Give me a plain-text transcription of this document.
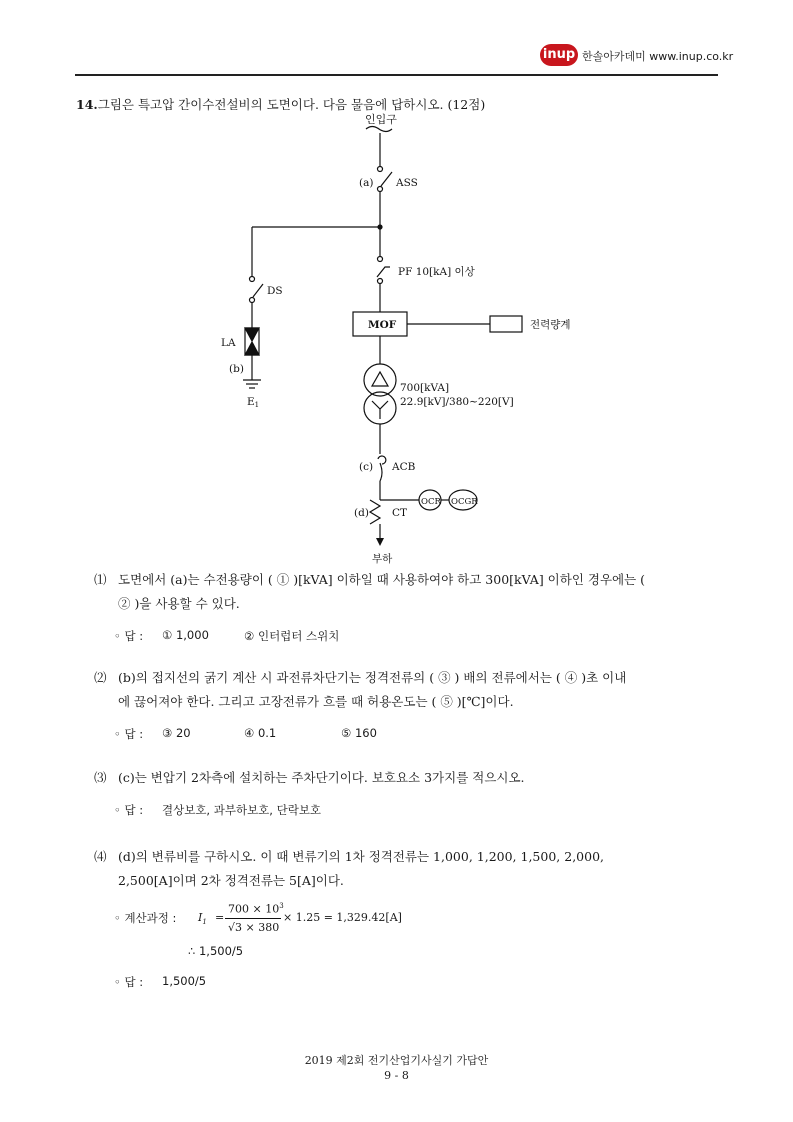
inup 한솔아카데미 www.inup.co.kr
14.그림은 특고압 간이수전설비의 도면이다. 다음 물음에 답하시오. (12점)
인입구
(a) ASS
PF 10[kA] 이상
DS
LA
(b)
E1
MOF	전력량계
700[kVA]
22.9[kV]/380∼220[V]
(c) ACB
OCR OCGR
(d) CT
부하
⑴ 도면에서 (a)는 수전용량이 ( ① )[kVA] 이하일 때 사용하여야 하고 300[kVA] 이하인 경우에는 (
② )을 사용할 수 있다.
◦ 답 : ① 1,000	② 인터럽터 스위치
⑵ (b)의 접지선의 굵기 계산 시 과전류차단기는 정격전류의 ( ③ ) 배의 전류에서는 ( ④ )초 이내
에 끊어져야 한다. 그리고 고장전류가 흐를 때 허용온도는 ( ⑤ )[℃]이다.
◦ 답 : ③ 20	④ 0.1	⑤ 160
⑶ (c)는 변압기 2차측에 설치하는 주차단기이다. 보호요소 3가지를 적으시오.
◦ 답 : 결상보호, 과부하보호, 단락보호
⑷ (d)의 변류비를 구하시오. 이 때 변류기의 1차 정격전류는 1,000, 1,200, 1,500, 2,000,
2,500[A]이며 2차 정격전류는 5[A]이다.
◦ 계산과정 : $I_1$ =
$700 \times 10^3$
√3 × 380
× 1.25 = 1,329.42[A]
∴ 1,500/5
◦ 답 : 1,500/5
2019 제2회 전기산업기사실기 가답안
9 - 8
